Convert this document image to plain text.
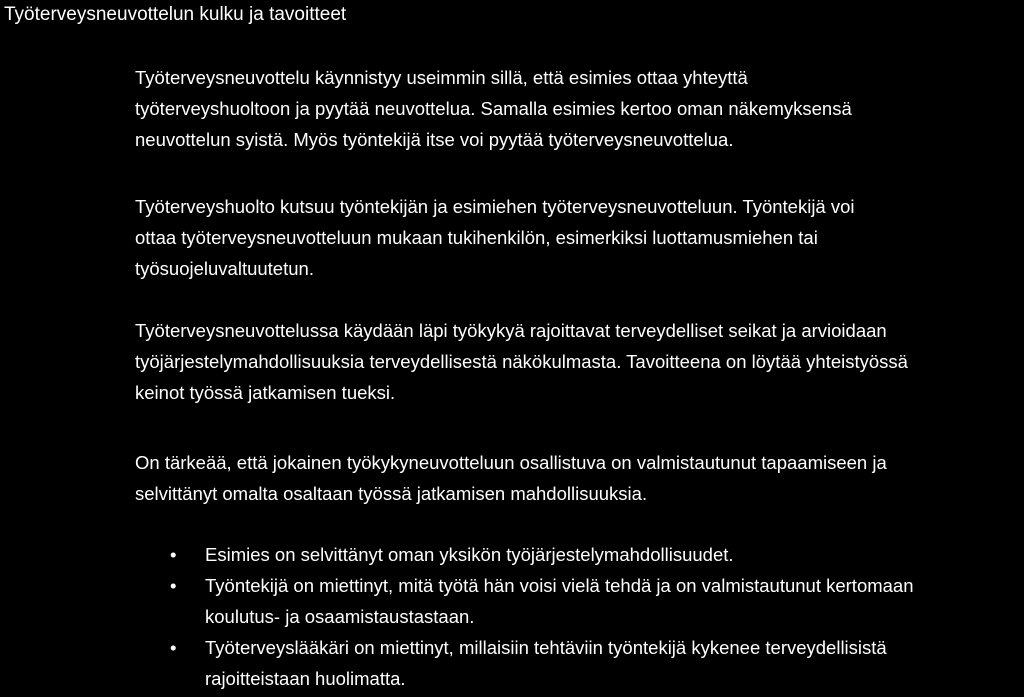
Työterveysneuvottelun kulku ja tavoitteet
Työterveysneuvottelu käynnistyy useimmin sillä, että esimies ottaa yhteyttä
työterveyshuoltoon ja pyytää neuvottelua. Samalla esimies kertoo oman näkemyksensä
neuvottelun syistä. Myös työntekijä itse voi pyytää työterveysneuvottelua.
Työterveyshuolto kutsuu työntekijän ja esimiehen työterveysneuvotteluun. Työntekijä voi
ottaa työterveysneuvotteluun mukaan tukihenkilön, esimerkiksi luottamusmiehen tai
työsuojeluvaltuutetun.
Työterveysneuvottelussa käydään läpi työkykyä rajoittavat terveydelliset seikat ja arvioidaan
työjärjestelymahdollisuuksia terveydellisestä näkökulmasta. Tavoitteena on löytää yhteistyössä
keinot työssä jatkamisen tueksi.
On tärkeää, että jokainen työkykyneuvotteluun osallistuva on valmistautunut tapaamiseen ja
selvittänyt omalta osaltaan työssä jatkamisen mahdollisuuksia.
• Esimies on selvittänyt oman yksikön työjärjestelymahdollisuudet.
• Työntekijä on miettinyt, mitä työtä hän voisi vielä tehdä ja on valmistautunut kertomaan
koulutus- ja osaamistaustastaan.
• Työterveyslääkäri on miettinyt, millaisiin tehtäviin työntekijä kykenee terveydellisistä
rajoitteistaan huolimatta.
